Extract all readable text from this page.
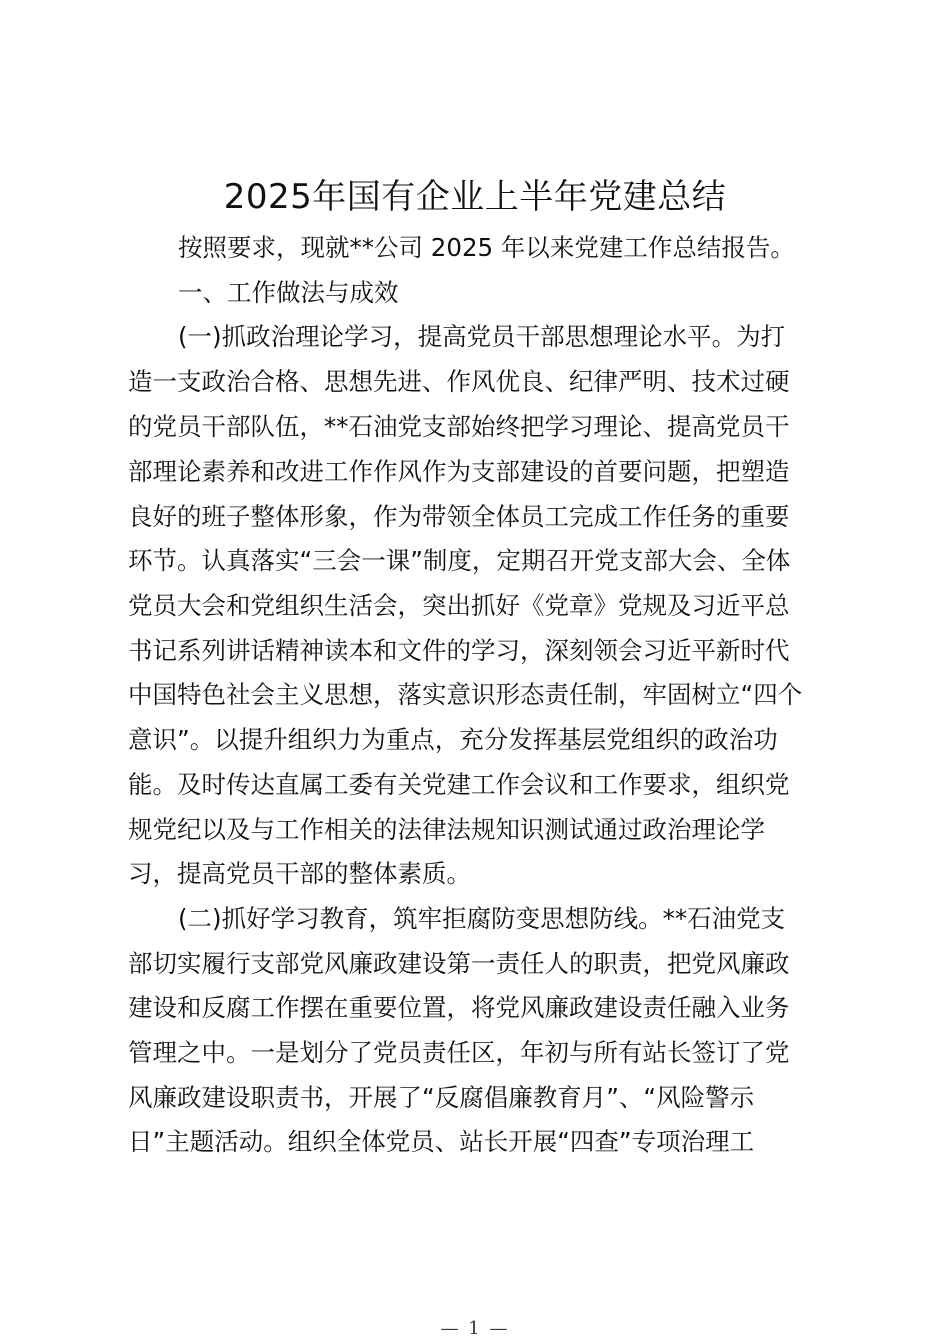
2025年国有企业上半年党建总结
按照要求，现就**公司 2025 年以来党建工作总结报告。
一、工作做法与成效
(一)抓政治理论学习，提高党员干部思想理论水平。为打
造一支政治合格、思想先进、作风优良、纪律严明、技术过硬
的党员干部队伍，**石油党支部始终把学习理论、提高党员干
部理论素养和改进工作作风作为支部建设的首要问题，把塑造
良好的班子整体形象，作为带领全体员工完成工作任务的重要
环节。认真落实“三会一课”制度，定期召开党支部大会、全体
党员大会和党组织生活会，突出抓好《党章》党规及习近平总
书记系列讲话精神读本和文件的学习，深刻领会习近平新时代
中国特色社会主义思想，落实意识形态责任制，牢固树立“四个
意识”。以提升组织力为重点，充分发挥基层党组织的政治功
能。及时传达直属工委有关党建工作会议和工作要求，组织党
规党纪以及与工作相关的法律法规知识测试通过政治理论学
习，提高党员干部的整体素质。
(二)抓好学习教育，筑牢拒腐防变思想防线。**石油党支
部切实履行支部党风廉政建设第一责任人的职责，把党风廉政
建设和反腐工作摆在重要位置，将党风廉政建设责任融入业务
管理之中。一是划分了党员责任区，年初与所有站长签订了党
风廉政建设职责书，开展了“反腐倡廉教育月”、“风险警示
日”主题活动。组织全体党员、站长开展“四查”专项治理工
— 1 —
